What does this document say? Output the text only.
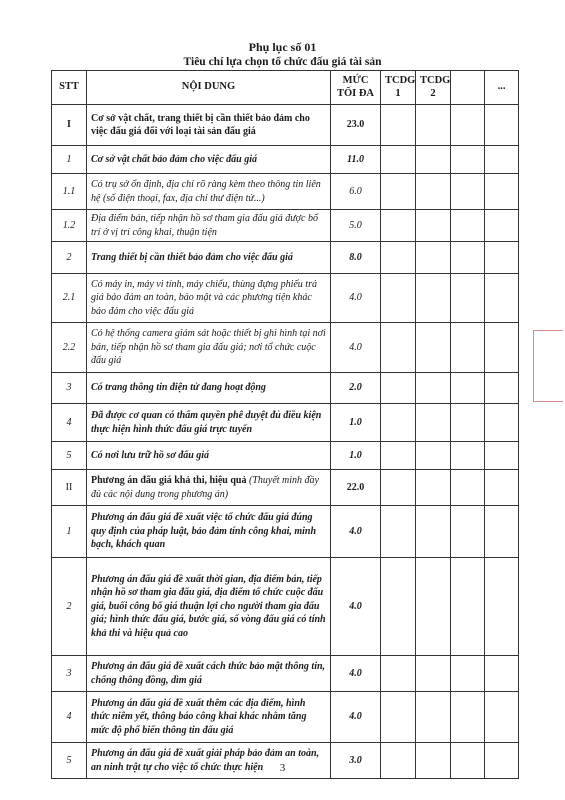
Phụ lục số 01
Tiêu chí lựa chọn tổ chức đấu giá tài sản
STT	NỘI DUNG	MỨC TỐI ĐA	TCDG 1	TCDG 2		...
I	Cơ sở vật chất, trang thiết bị cần thiết bảo đảm cho việc đấu giá đối với loại tài sản đấu giá	23.0				
1	Cơ sở vật chất bảo đảm cho việc đấu giá	11.0				
1.1	Có trụ sở ổn định, địa chỉ rõ ràng kèm theo thông tin liên hệ (số điện thoại, fax, địa chỉ thư điện tử...)	6.0				
1.2	Địa điểm bán, tiếp nhận hồ sơ tham gia đấu giá được bố trí ở vị trí công khai, thuận tiện	5.0				
2	Trang thiết bị cần thiết bảo đảm cho việc đấu giá	8.0				
2.1	Có máy in, máy vi tính, máy chiếu, thùng đựng phiếu trả giá bảo đảm an toàn, bảo mật và các phương tiện khác bảo đảm cho việc đấu giá	4.0				
2.2	Có hệ thống camera giám sát hoặc thiết bị ghi hình tại nơi bán, tiếp nhận hồ sơ tham gia đấu giá; nơi tổ chức cuộc đấu giá	4.0				
3	Có trang thông tin điện tử đang hoạt động	2.0				
4	Đã được cơ quan có thẩm quyền phê duyệt đủ điều kiện thực hiện hình thức đấu giá trực tuyến	1.0				
5	Có nơi lưu trữ hồ sơ đấu giá	1.0				
II	Phương án đấu giá khả thi, hiệu quả (Thuyết minh đầy đủ các nội dung trong phương án)	22.0				
1	Phương án đấu giá đề xuất việc tổ chức đấu giá đúng quy định của pháp luật, bảo đảm tính công khai, minh bạch, khách quan	4.0				
2	Phương án đấu giá đề xuất thời gian, địa điểm bán, tiếp nhận hồ sơ tham gia đấu giá, địa điểm tổ chức cuộc đấu giá, buổi công bố giá thuận lợi cho người tham gia đấu giá; hình thức đấu giá, bước giá, số vòng đấu giá có tính khả thi và hiệu quả cao	4.0				
3	Phương án đấu giá đề xuất cách thức bảo mật thông tin, chống thông đồng, dìm giá	4.0				
4	Phương án đấu giá đề xuất thêm các địa điểm, hình thức niêm yết, thông báo công khai khác nhằm tăng mức độ phổ biến thông tin đấu giá	4.0				
5	Phương án đấu giá đề xuất giải pháp bảo đảm an toàn, an ninh trật tự cho việc tổ chức thực hiện	3.0				
3
